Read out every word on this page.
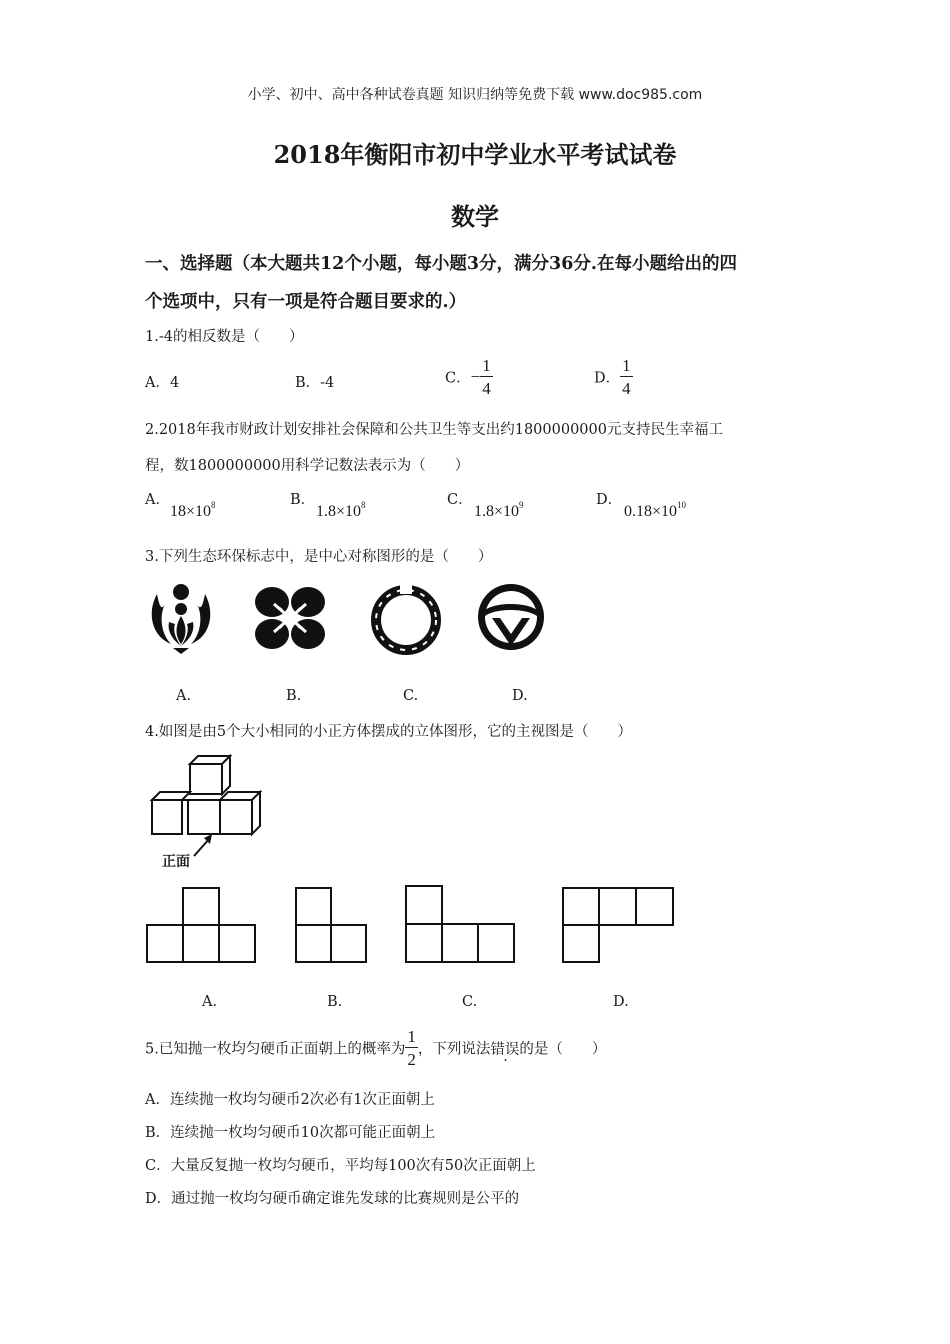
小学、初中、高中各种试卷真题 知识归纳等免费下载 www.doc985.com
2018年衡阳市初中学业水平考试试卷
数学
一、选择题（本大题共12个小题，每小题3分，满分36分.在每小题给出的四
个选项中，只有一项是符合题目要求的.）
1.-4的相反数是（　　）
A．4	B．-4	C．− $\frac{1}{4}$	D． $\frac{1}{4}$
2.2018年我市财政计划安排社会保障和公共卫生等支出约1800000000元支持民生幸福工
程，数1800000000用科学记数法表示为（　　）
A．
$18\times 10^8$	B．
$1.8\times 10^8$	C．
$1.8\times 10^9$	D．
$0.18\times 10^{10}$
3.下列生态环保标志中，是中心对称图形的是（　　）
A.	B.	C.	D.
4.如图是由5个大小相同的小正方体摆成的立体图形，它的主视图是（　　）
正面
A.	B.	C.	D.
5.已知抛一枚均匀硬币正面朝上的概率为 $\frac{1}{2}$ ，下列说法错误的是（　　）
A．连续抛一枚均匀硬币2次必有1次正面朝上
B．连续抛一枚均匀硬币10次都可能正面朝上
C．大量反复抛一枚均匀硬币，平均每100次有50次正面朝上
D．通过抛一枚均匀硬币确定谁先发球的比赛规则是公平的
